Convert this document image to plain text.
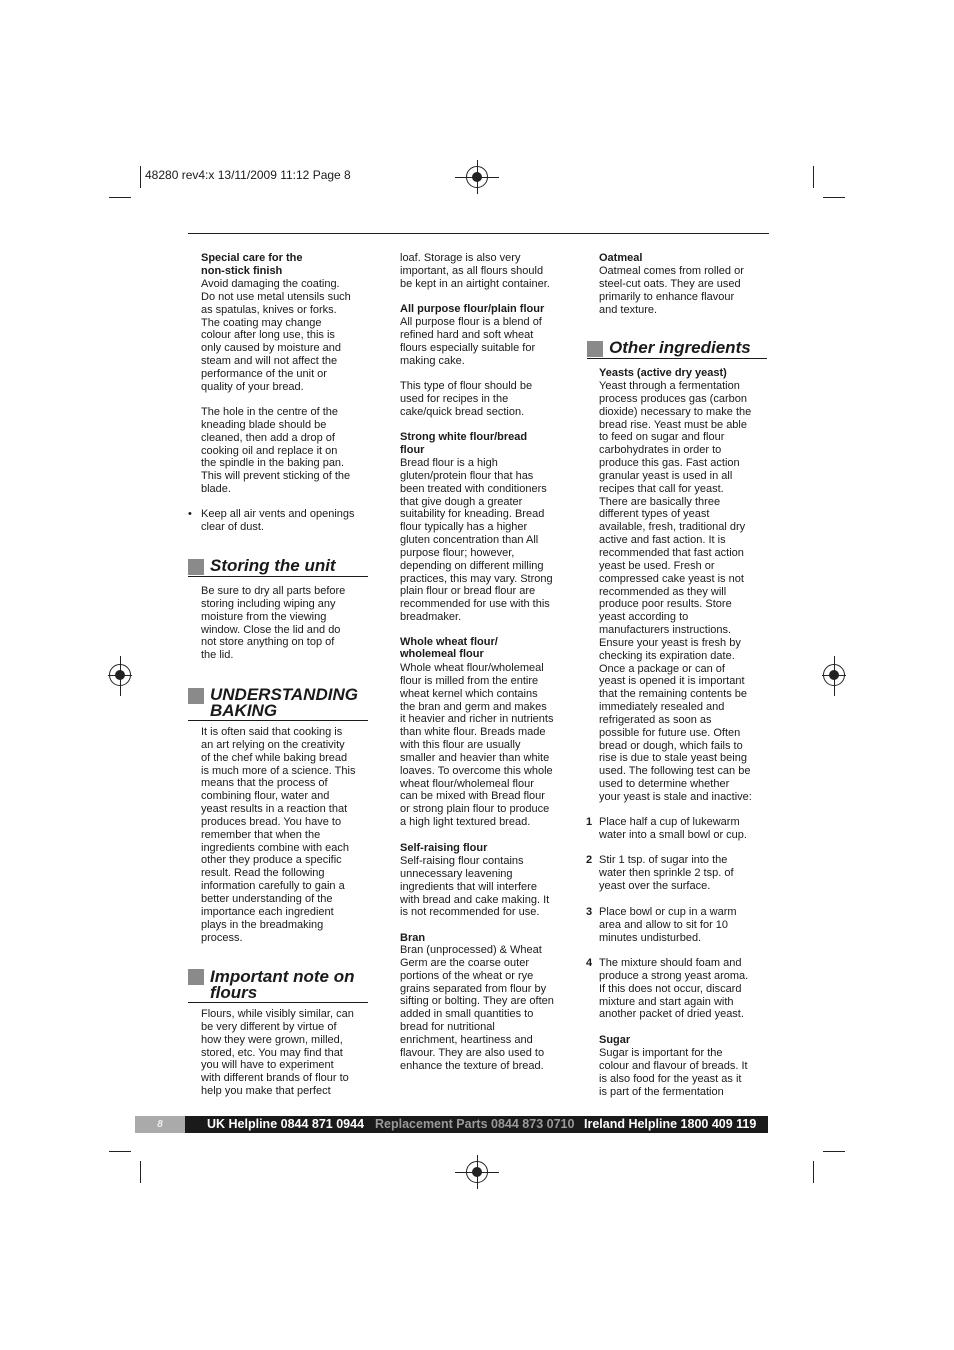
48280 rev4:x 13/11/2009 11:12 Page 8
Special care for the
non-stick finish
Avoid damaging the coating.
Do not use metal utensils such
as spatulas, knives or forks.
The coating may change
colour after long use, this is
only caused by moisture and
steam and will not affect the
performance of the unit or
quality of your bread.
The hole in the centre of the
kneading blade should be
cleaned, then add a drop of
cooking oil and replace it on
the spindle in the baking pan.
This will prevent sticking of the
blade.
• Keep all air vents and openings
clear of dust.
Storing the unit
Be sure to dry all parts before
storing including wiping any
moisture from the viewing
window. Close the lid and do
not store anything on top of
the lid.
UNDERSTANDING
BAKING
It is often said that cooking is
an art relying on the creativity
of the chef while baking bread
is much more of a science. This
means that the process of
combining flour, water and
yeast results in a reaction that
produces bread. You have to
remember that when the
ingredients combine with each
other they produce a specific
result. Read the following
information carefully to gain a
better understanding of the
importance each ingredient
plays in the breadmaking
process.
Important note on
flours
Flours, while visibly similar, can
be very different by virtue of
how they were grown, milled,
stored, etc. You may find that
you will have to experiment
with different brands of flour to
help you make that perfect
loaf. Storage is also very
important, as all flours should
be kept in an airtight container.
All purpose flour/plain flour
All purpose flour is a blend of
refined hard and soft wheat
flours especially suitable for
making cake.
This type of flour should be
used for recipes in the
cake/quick bread section.
Strong white flour/bread
flour
Bread flour is a high
gluten/protein flour that has
been treated with conditioners
that give dough a greater
suitability for kneading. Bread
flour typically has a higher
gluten concentration than All
purpose flour; however,
depending on different milling
practices, this may vary. Strong
plain flour or bread flour are
recommended for use with this
breadmaker.
Whole wheat flour/
wholemeal flour
Whole wheat flour/wholemeal
flour is milled from the entire
wheat kernel which contains
the bran and germ and makes
it heavier and richer in nutrients
than white flour. Breads made
with this flour are usually
smaller and heavier than white
loaves. To overcome this whole
wheat flour/wholemeal flour
can be mixed with Bread flour
or strong plain flour to produce
a high light textured bread.
Self-raising flour
Self-raising flour contains
unnecessary leavening
ingredients that will interfere
with bread and cake making. It
is not recommended for use.
Bran
Bran (unprocessed) & Wheat
Germ are the coarse outer
portions of the wheat or rye
grains separated from flour by
sifting or bolting. They are often
added in small quantities to
bread for nutritional
enrichment, heartiness and
flavour. They are also used to
enhance the texture of bread.
Oatmeal
Oatmeal comes from rolled or
steel-cut oats. They are used
primarily to enhance flavour
and texture.
Other ingredients
Yeasts (active dry yeast)
Yeast through a fermentation
process produces gas (carbon
dioxide) necessary to make the
bread rise. Yeast must be able
to feed on sugar and flour
carbohydrates in order to
produce this gas. Fast action
granular yeast is used in all
recipes that call for yeast.
There are basically three
different types of yeast
available, fresh, traditional dry
active and fast action. It is
recommended that fast action
yeast be used. Fresh or
compressed cake yeast is not
recommended as they will
produce poor results. Store
yeast according to
manufacturers instructions.
Ensure your yeast is fresh by
checking its expiration date.
Once a package or can of
yeast is opened it is important
that the remaining contents be
immediately resealed and
refrigerated as soon as
possible for future use. Often
bread or dough, which fails to
rise is due to stale yeast being
used. The following test can be
used to determine whether
your yeast is stale and inactive:
1 Place half a cup of lukewarm
water into a small bowl or cup.
2 Stir 1 tsp. of sugar into the
water then sprinkle 2 tsp. of
yeast over the surface.
3 Place bowl or cup in a warm
area and allow to sit for 10
minutes undisturbed.
4 The mixture should foam and
produce a strong yeast aroma.
If this does not occur, discard
mixture and start again with
another packet of dried yeast.
Sugar
Sugar is important for the
colour and flavour of breads. It
is also food for the yeast as it
is part of the fermentation
8	UK Helpline 0844 871 0944 Replacement Parts 0844 873 0710 Ireland Helpline 1800 409 119
